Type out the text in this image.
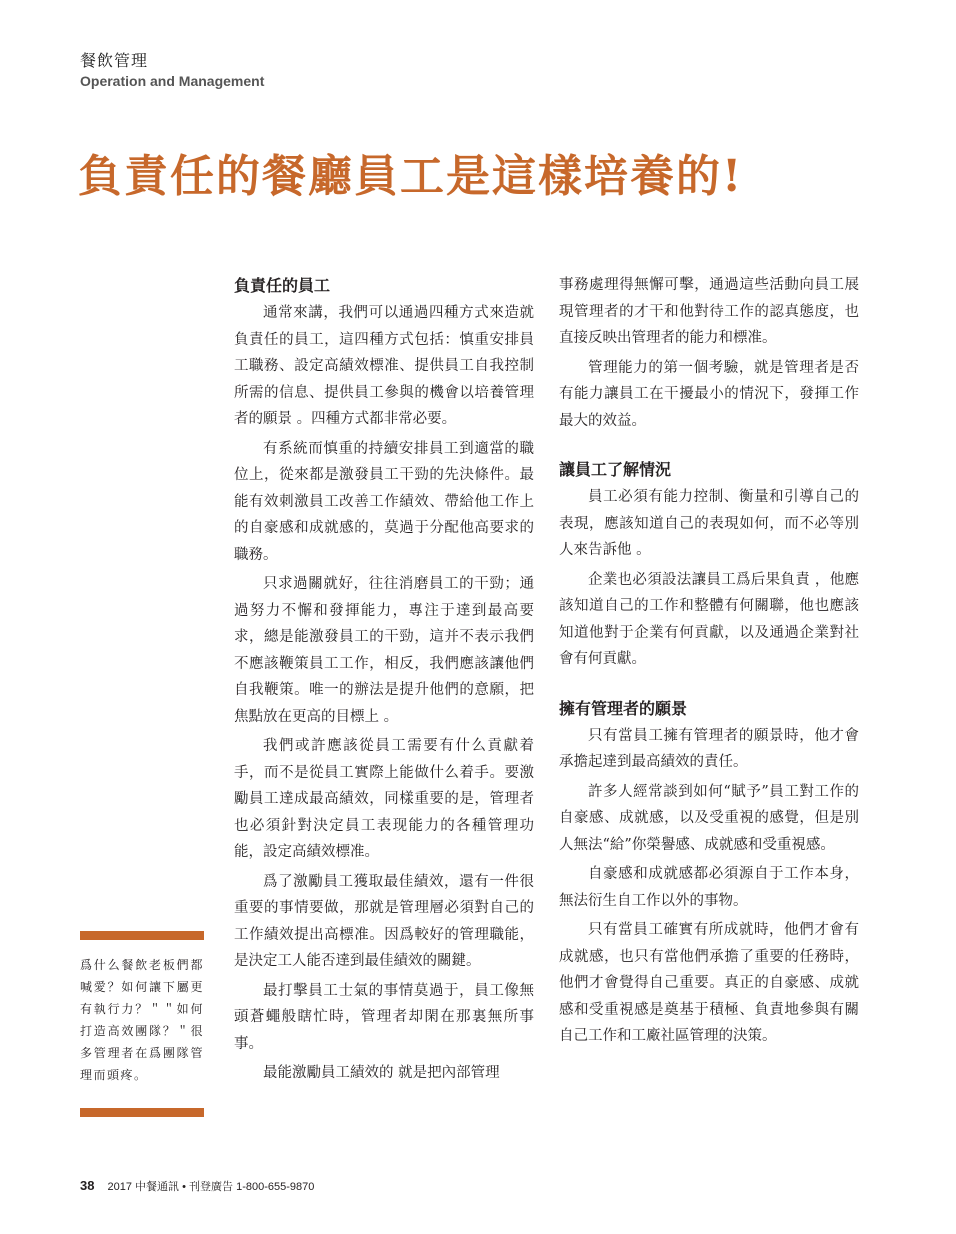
餐飲管理
Operation and Management
負責任的餐廳員工是這樣培養的!
負責任的員工

通常來講，我們可以通過四種方式來造就負責任的員工，這四種方式包括：慎重安排員工職務、設定高績效標准、提供員工自我控制所需的信息、提供員工參與的機會以培養管理者的願景 。四種方式都非常必要。

有系統而慎重的持續安排員工到適當的職位上，從來都是激發員工干勁的先決條件。最能有效刺激員工改善工作績效、帶給他工作上的自豪感和成就感的，莫過于分配他高要求的職務。

只求過關就好，往往消磨員工的干勁；通過努力不懈和發揮能力，專注于達到最高要求，總是能激發員工的干勁，這并不表示我們不應該鞭策員工工作，相反，我們應該讓他們自我鞭策。唯一的辦法是提升他們的意願，把焦點放在更高的目標上 。

我們或許應該從員工需要有什么貢獻着手，而不是從員工實際上能做什么着手。要激勵員工達成最高績效，同樣重要的是，管理者也必須針對決定員工表现能力的各種管理功能，設定高績效標准。

爲了激勵員工獲取最佳績效，還有一件很重要的事情要做，那就是管理層必須對自己的工作績效提出高標准。因爲較好的管理職能，是決定工人能否達到最佳績效的關鍵。

最打擊員工士氣的事情莫過于，員工像無頭蒼蠅般瞎忙時，管理者却閑在那裏無所事事。

最能激勵員工績效的 就是把內部管理

事務處理得無懈可擊，通過這些活動向員工展現管理者的才干和他對待工作的認真態度，也直接反映出管理者的能力和標准。

管理能力的第一個考驗，就是管理者是否有能力讓員工在干擾最小的情況下，發揮工作最大的效益。

讓員工了解情況

員工必須有能力控制、衡量和引導自己的表現，應該知道自己的表現如何，而不必等別人來告訴他 。

企業也必須設法讓員工爲后果負責 ，他應該知道自己的工作和整體有何關聯，他也應該知道他對于企業有何貢獻，以及通過企業對社會有何貢獻。

擁有管理者的願景

只有當員工擁有管理者的願景時，他才會承擔起達到最高績效的責任。

許多人經常談到如何“賦予”員工對工作的自豪感、成就感，以及受重視的感覺，但是別人無法“給”你榮譽感、成就感和受重視感。

自豪感和成就感都必須源自于工作本身，無法衍生自工作以外的事物。

只有當員工確實有所成就時，他們才會有成就感，也只有當他們承擔了重要的任務時，他們才會覺得自己重要。真正的自豪感、成就感和受重視感是奠基于積極、負責地參與有關自己工作和工廠社區管理的決策。

爲什么餐飲老板們都喊愛？如何讓下屬更有執行力？＂＂如何打造高效團隊？＂很多管理者在爲團隊管理而頭疼。
38 2017 中餐通訊 • 刊登廣告 1-800-655-9870
